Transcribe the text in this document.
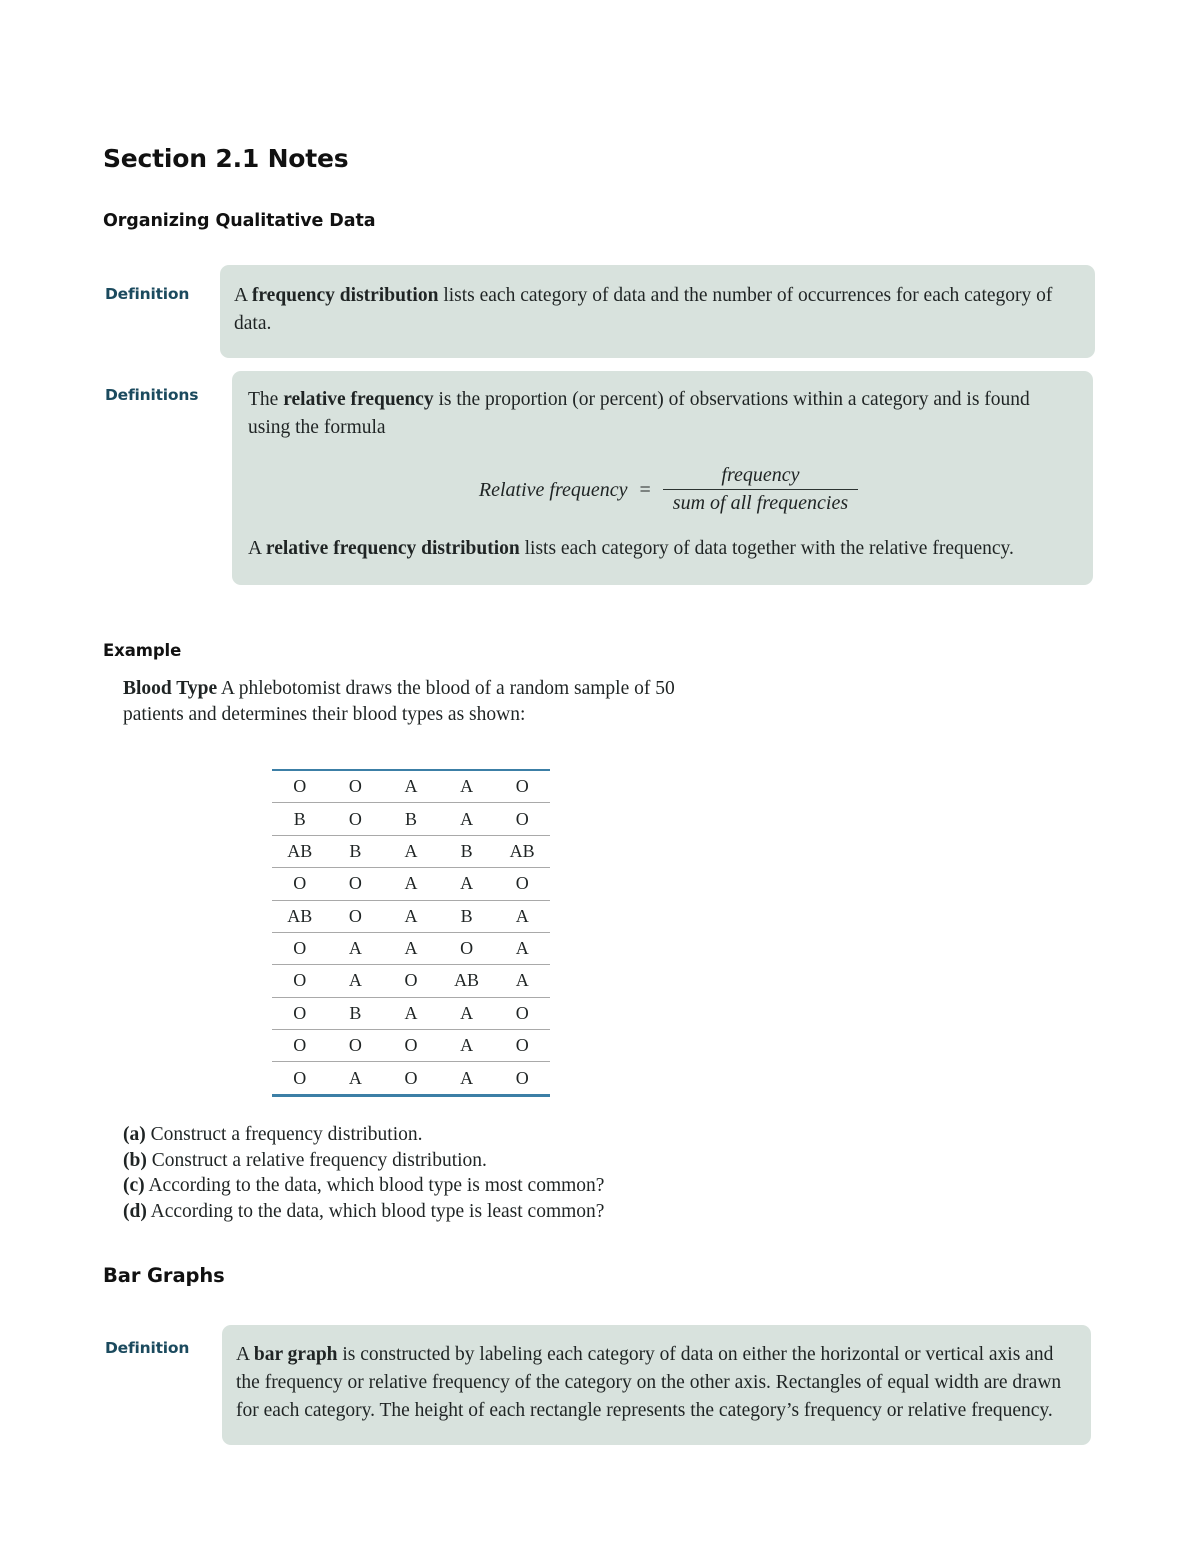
Section 2.1 Notes
Organizing Qualitative Data
Definition A frequency distribution lists each category of data and the number of occurrences for each category of data.

Definitions	The relative frequency is the proportion (or percent) of observations within a category and is found using the formula

Relative frequency = $\frac{\text{frequency}}{\text{sum of all frequencies}}$

A relative frequency distribution lists each category of data together with the relative frequency.

Example
Blood Type A phlebotomist draws the blood of a random sample of 50 patients and determines their blood types as shown:
O	O	A	A	O
B	O	B	A	O
AB	B	A	B	AB
O	O	A	A	O
AB	O	A	B	A
O	A	A	O	A
O	A	O	AB	A
O	B	A	A	O
O	O	O	A	O
O	A	O	A	O
(a) Construct a frequency distribution.
(b) Construct a relative frequency distribution.
(c) According to the data, which blood type is most common?
(d) According to the data, which blood type is least common?
Bar Graphs
Definition A bar graph is constructed by labeling each category of data on either the horizontal or vertical axis and the frequency or relative frequency of the category on the other axis. Rectangles of equal width are drawn for each category. The height of each rectangle represents the category’s frequency or relative frequency.
